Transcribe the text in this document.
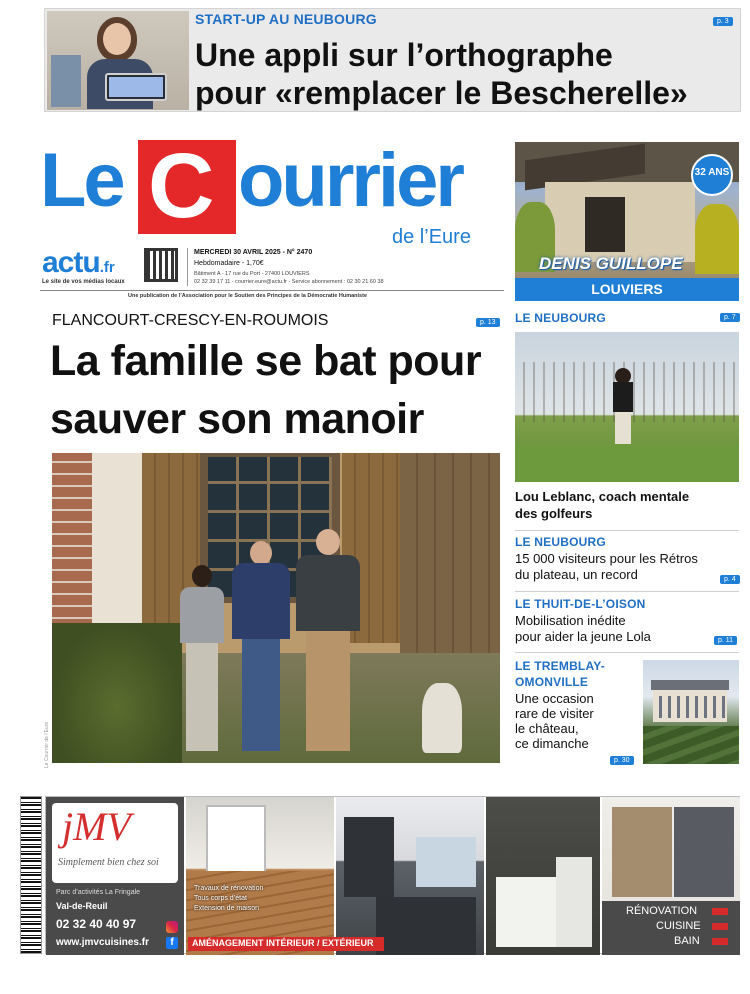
START-UP AU NEUBOURG	p. 3
Une appli sur l’orthographe
pour «remplacer le Bescherelle»
Le C ourrier
de l’Eure
actu.fr
Le site de vos médias locaux
MERCREDI 30 AVRIL 2025 - N° 2470
Hebdomadaire - 1,70€
Bâtiment A - 17 rue du Port - 27400 LOUVIERS
02 32 39 17 11 - courrier.eure@actu.fr - Service abonnement : 02 30 21 60 38
Une publication de l’Association pour le Soutien des Principes de la Démocratie Humaniste
32 ANS
DENIS GUILLOPE
LOUVIERS
FLANCOURT-CRESCY-EN-ROUMOIS	p. 13
La famille se bat pour
sauver son manoir
Le Courrier de l’Eure
LE NEUBOURG	p. 7
Lou Leblanc, coach mentale
des golfeurs
LE NEUBOURG
15 000 visiteurs pour les Rétros
du plateau, un record	p. 4
LE THUIT-DE-L’OISON
Mobilisation inédite
pour aider la jeune Lola	p. 11
LE TREMBLAY-
OMONVILLE
Une occasion
rare de visiter
le château,
ce dimanche
p. 30
jMV
Simplement bien chez soi
Parc d’activités La Fringale
Val-de-Reuil
02 32 40 40 97
www.jmvcuisines.fr	f
Travaux de rénovation
Tous corps d’état
Extension de maison
AMÉNAGEMENT INTÉRIEUR / EXTÉRIEUR
RÉNOVATION
CUISINE
BAIN
